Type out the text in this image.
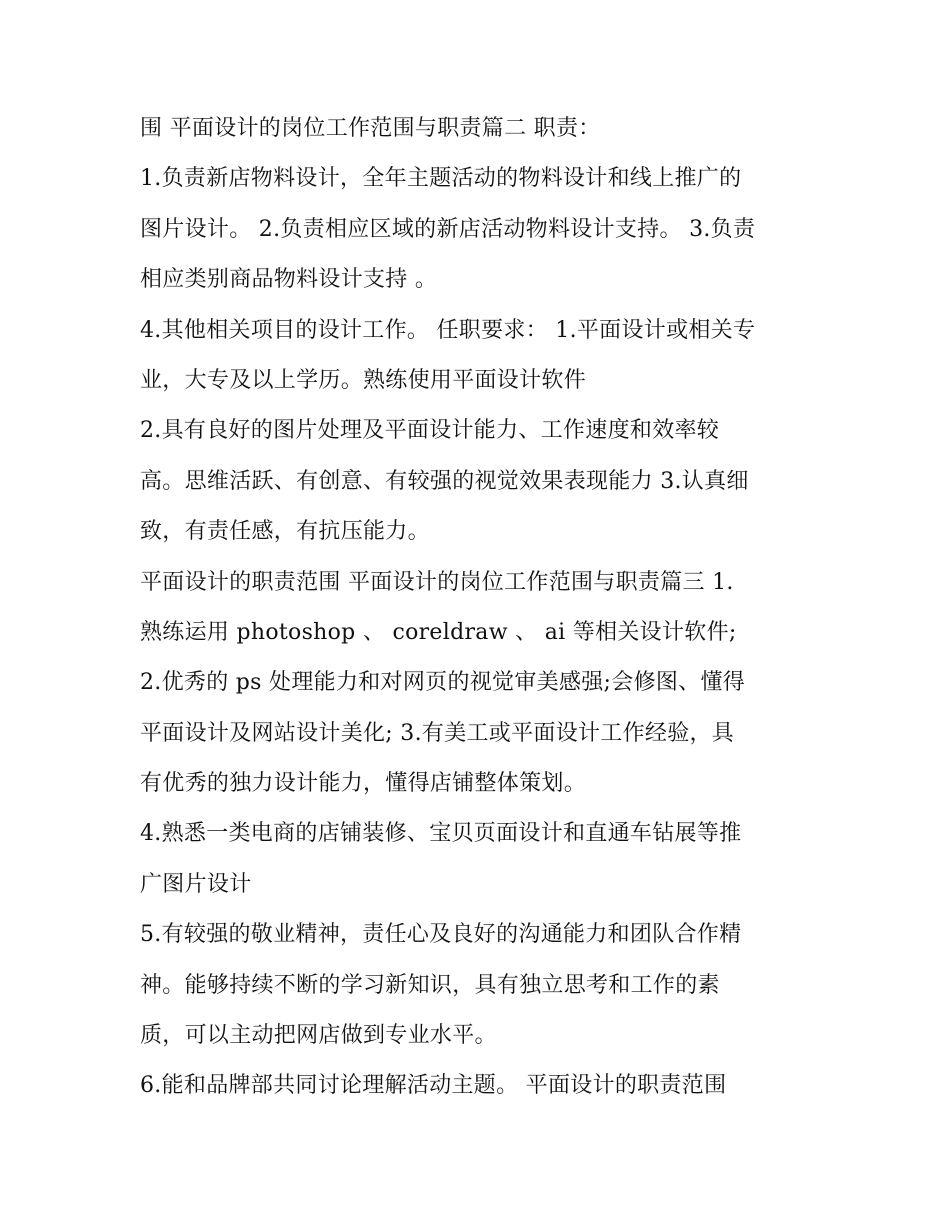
围 平面设计的岗位工作范围与职责篇二 职责：
1.负责新店物料设计，全年主题活动的物料设计和线上推广的
图片设计。 2.负责相应区域的新店活动物料设计支持。 3.负责
相应类别商品物料设计支持 。
4.其他相关项目的设计工作。 任职要求： 1.平面设计或相关专
业，大专及以上学历。熟练使用平面设计软件
2.具有良好的图片处理及平面设计能力、工作速度和效率较
高。思维活跃、有创意、有较强的视觉效果表现能力 3.认真细
致，有责任感，有抗压能力。
平面设计的职责范围 平面设计的岗位工作范围与职责篇三 1.
熟练运用 photoshop 、 coreldraw 、 ai 等相关设计软件;
2.优秀的 ps 处理能力和对网页的视觉审美感强;会修图、懂得
平面设计及网站设计美化; 3.有美工或平面设计工作经验，具
有优秀的独力设计能力，懂得店铺整体策划。
4.熟悉一类电商的店铺装修、宝贝页面设计和直通车钻展等推
广图片设计
5.有较强的敬业精神，责任心及良好的沟通能力和团队合作精
神。能够持续不断的学习新知识，具有独立思考和工作的素
质，可以主动把网店做到专业水平。
6.能和品牌部共同讨论理解活动主题。 平面设计的职责范围
